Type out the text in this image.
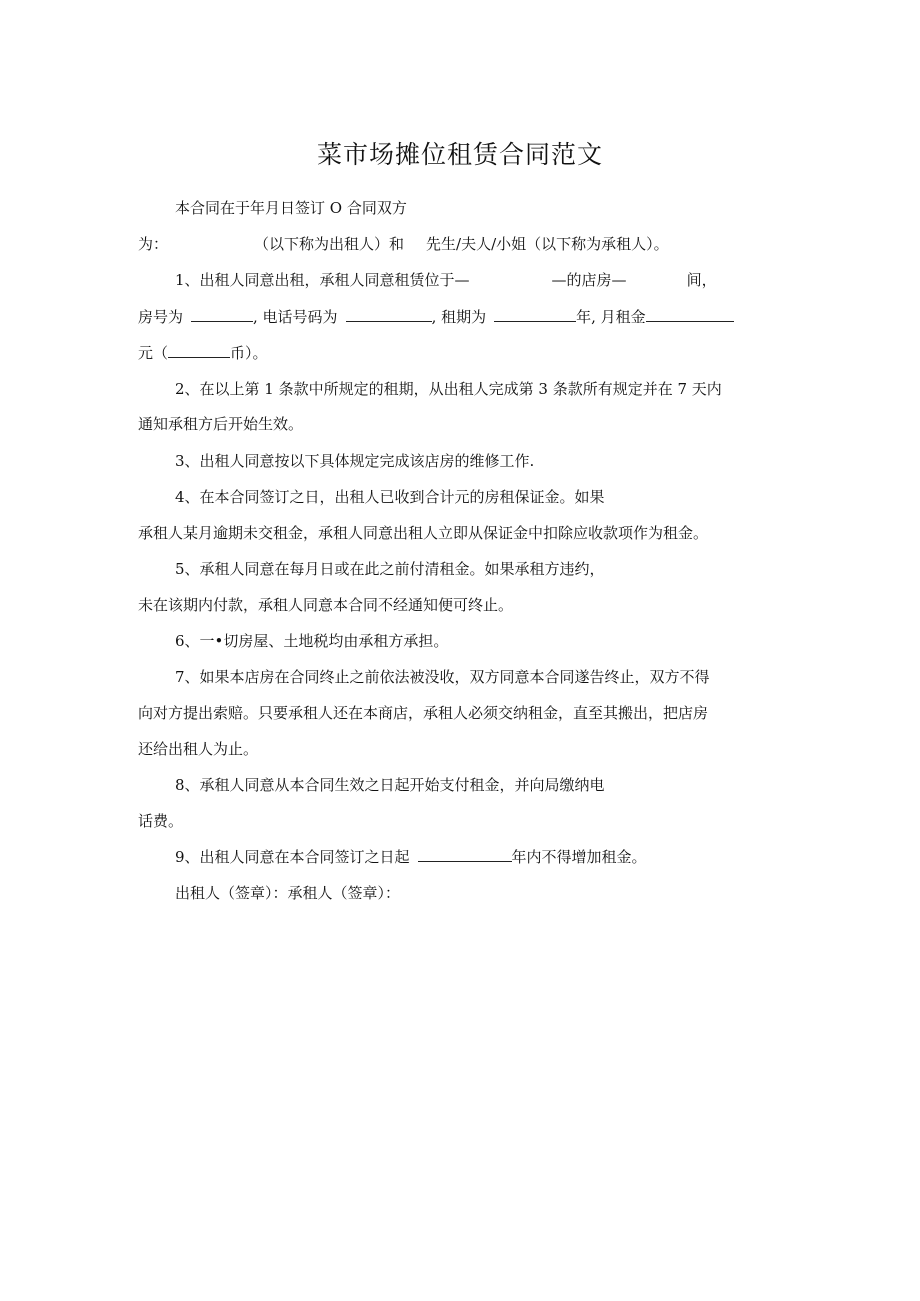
菜市场摊位租赁合同范文
本合同在于年月日签订 O 合同双方
为：	（以下称为出租人）和 先生/夫人/小姐（以下称为承租人）。
1、出租人同意出租，承租人同意租赁位于—	—的店房—	间，
房号为	, 电话号码为	, 租期为	年, 月租金
元（	币）。
2、在以上第 1 条款中所规定的租期，从出租人完成第 3 条款所有规定并在 7 天内
通知承租方后开始生效。
3、出租人同意按以下具体规定完成该店房的维修工作.
4、在本合同签订之日，出租人已收到合计元的房租保证金。如果
承租人某月逾期未交租金，承租人同意出租人立即从保证金中扣除应收款项作为租金。
5、承租人同意在每月日或在此之前付清租金。如果承租方违约，
未在该期内付款，承租人同意本合同不经通知便可终止。
6、一•切房屋、土地税均由承租方承担。
7、如果本店房在合同终止之前依法被没收，双方同意本合同遂告终止，双方不得
向对方提出索赔。只要承租人还在本商店，承租人必须交纳租金，直至其搬出，把店房
还给出租人为止。
8、承租人同意从本合同生效之日起开始支付租金，并向局缴纳电
话费。
9、出租人同意在本合同签订之日起	年内不得增加租金。
出租人（签章）：承租人（签章）：
